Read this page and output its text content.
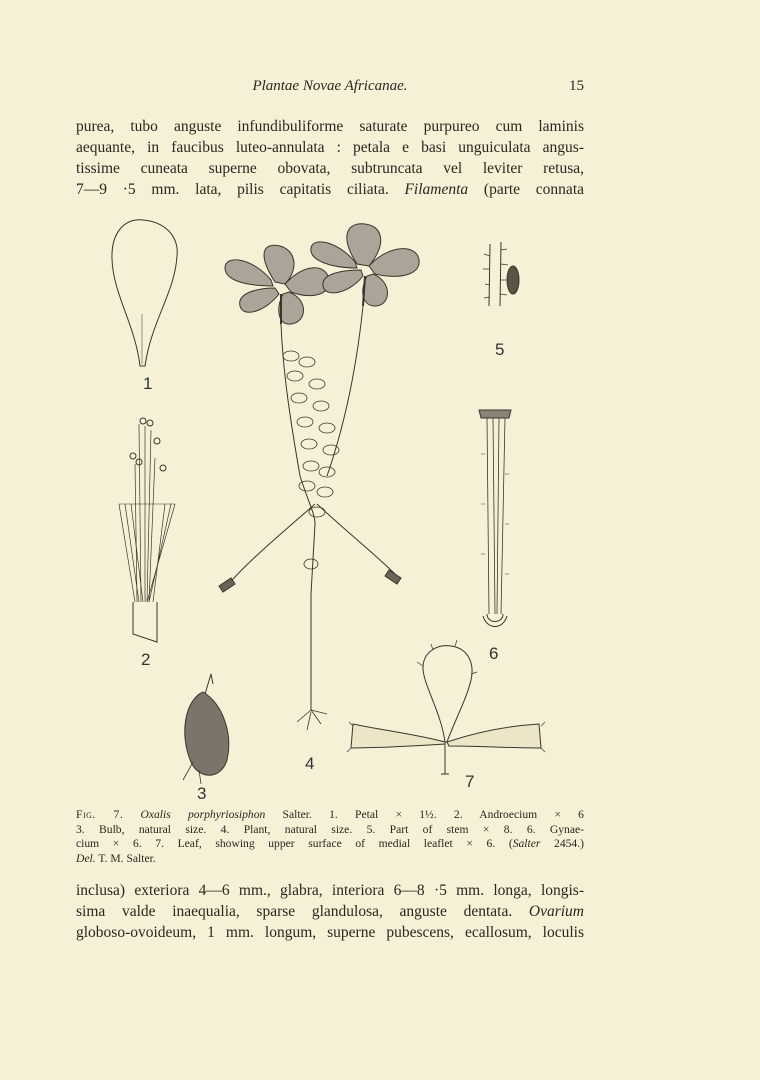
Plantae Novae Africanae.	15
purea, tubo anguste infundibuliforme saturate purpureo cum laminis
aequante, in faucibus luteo-annulata : petala e basi unguiculata angus-
tissime cuneata superne obovata, subtruncata vel leviter retusa,
7—9 ·5 mm. lata, pilis capitatis ciliata. Filamenta (parte connata
1
2
3
4
5
6
7
Fig. 7. Oxalis porphyriosiphon Salter. 1. Petal × 1½. 2. Androecium × 6
3. Bulb, natural size. 4. Plant, natural size. 5. Part of stem × 8. 6. Gynae-
cium × 6. 7. Leaf, showing upper surface of medial leaflet × 6. (Salter 2454.)
Del. T. M. Salter.
inclusa) exteriora 4—6 mm., glabra, interiora 6—8 ·5 mm. longa, longis-
sima valde inaequalia, sparse glandulosa, anguste dentata. Ovarium
globoso-ovoideum, 1 mm. longum, superne pubescens, ecallosum, loculis
